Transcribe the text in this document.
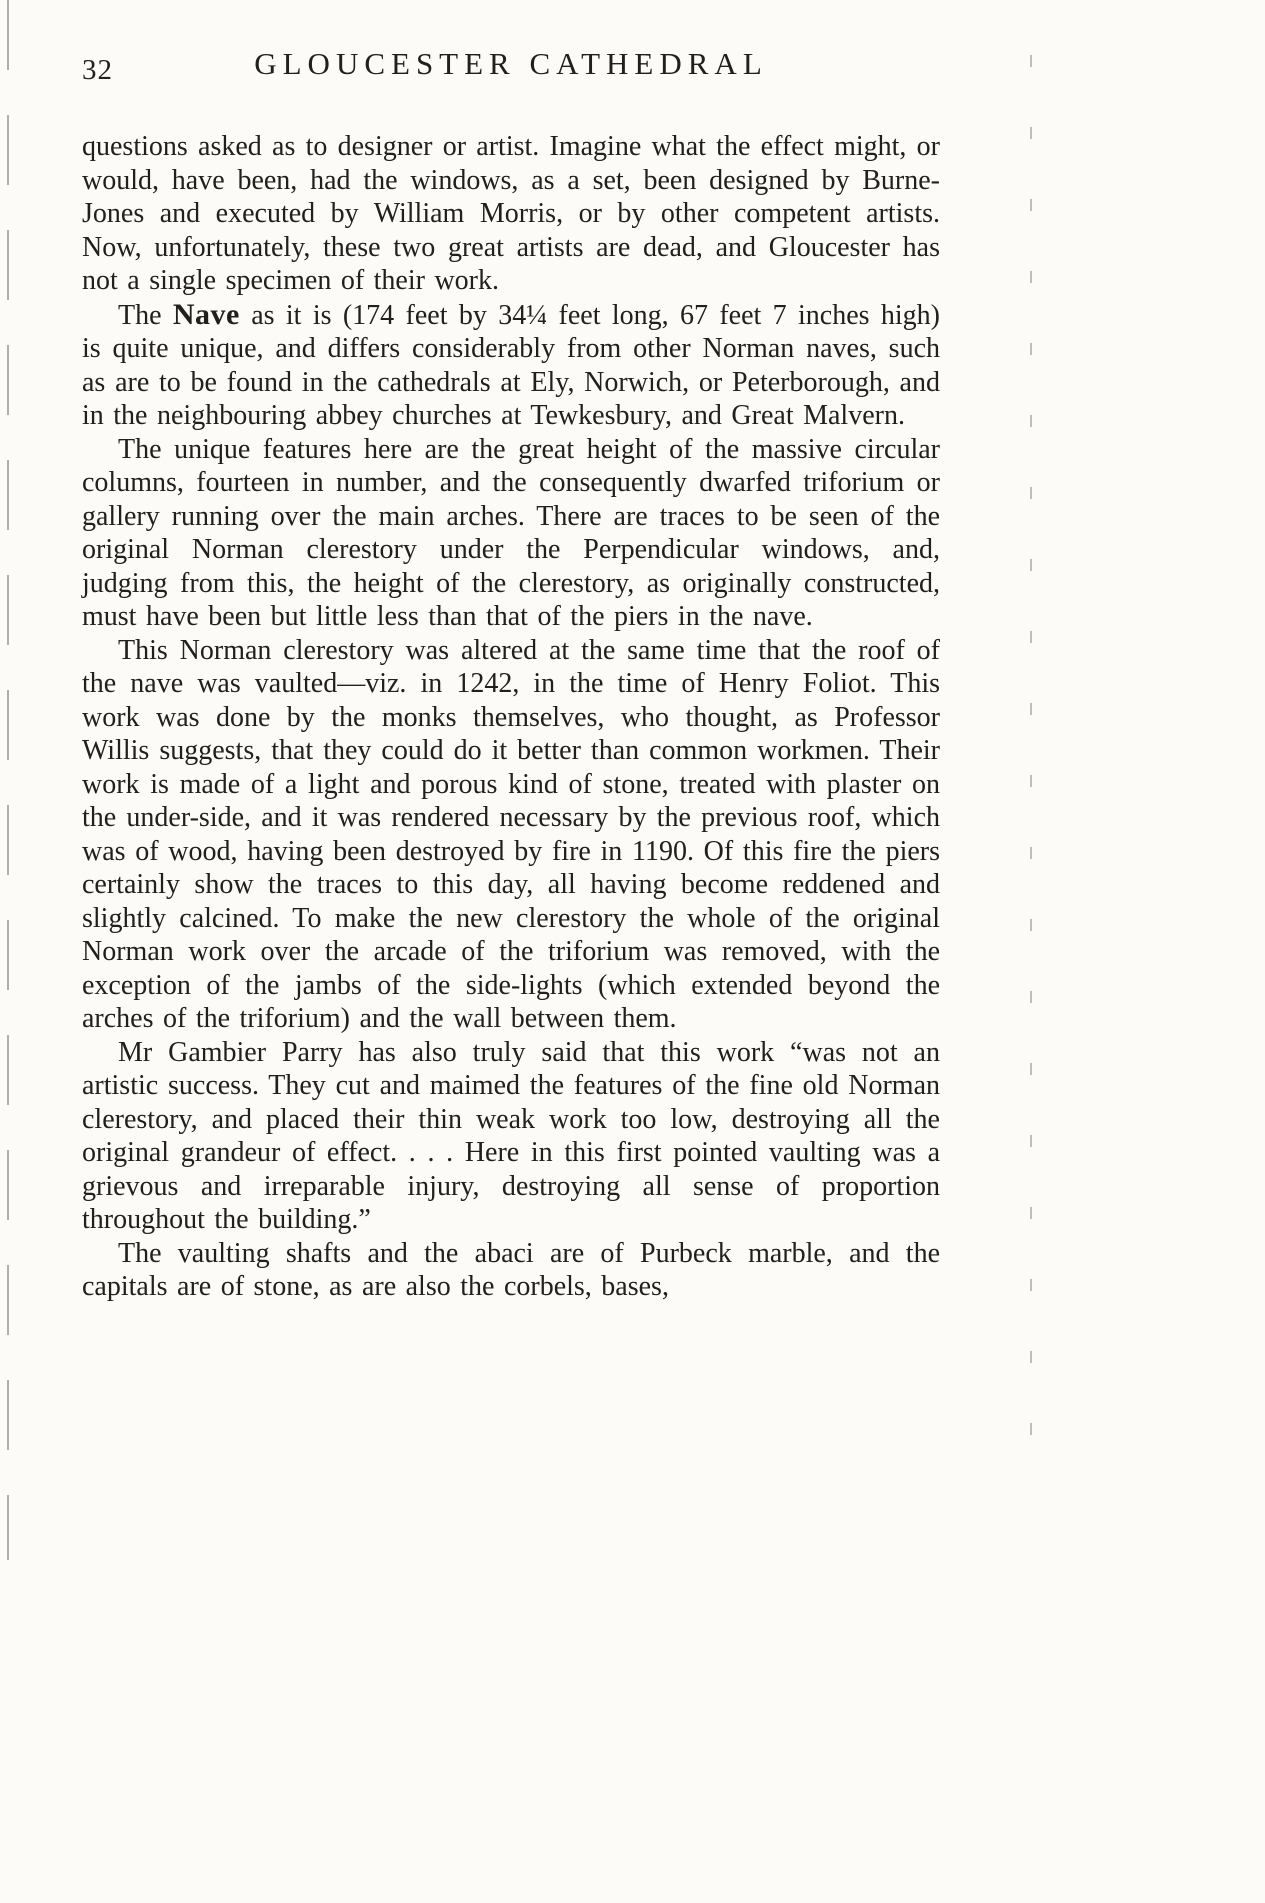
32	GLOUCESTER CATHEDRAL

questions asked as to designer or artist. Imagine what the effect might, or would, have been, had the windows, as a set, been designed by Burne-Jones and executed by William Morris, or by other competent artists. Now, unfortunately, these two great artists are dead, and Gloucester has not a single specimen of their work.

The Nave as it is (174 feet by 34¼ feet long, 67 feet 7 inches high) is quite unique, and differs considerably from other Norman naves, such as are to be found in the cathedrals at Ely, Norwich, or Peterborough, and in the neighbouring abbey churches at Tewkesbury, and Great Malvern.

The unique features here are the great height of the massive circular columns, fourteen in number, and the consequently dwarfed triforium or gallery running over the main arches. There are traces to be seen of the original Norman clerestory under the Perpendicular windows, and, judging from this, the height of the clerestory, as originally constructed, must have been but little less than that of the piers in the nave.

This Norman clerestory was altered at the same time that the roof of the nave was vaulted—viz. in 1242, in the time of Henry Foliot. This work was done by the monks themselves, who thought, as Professor Willis suggests, that they could do it better than common workmen. Their work is made of a light and porous kind of stone, treated with plaster on the under-side, and it was rendered necessary by the previous roof, which was of wood, having been destroyed by fire in 1190. Of this fire the piers certainly show the traces to this day, all having become reddened and slightly calcined. To make the new clerestory the whole of the original Norman work over the arcade of the triforium was removed, with the exception of the jambs of the side-lights (which extended beyond the arches of the triforium) and the wall between them.

Mr Gambier Parry has also truly said that this work “was not an artistic success. They cut and maimed the features of the fine old Norman clerestory, and placed their thin weak work too low, destroying all the original grandeur of effect. . . . Here in this first pointed vaulting was a grievous and irreparable injury, destroying all sense of proportion throughout the building.”

The vaulting shafts and the abaci are of Purbeck marble, and the capitals are of stone, as are also the corbels, bases,
